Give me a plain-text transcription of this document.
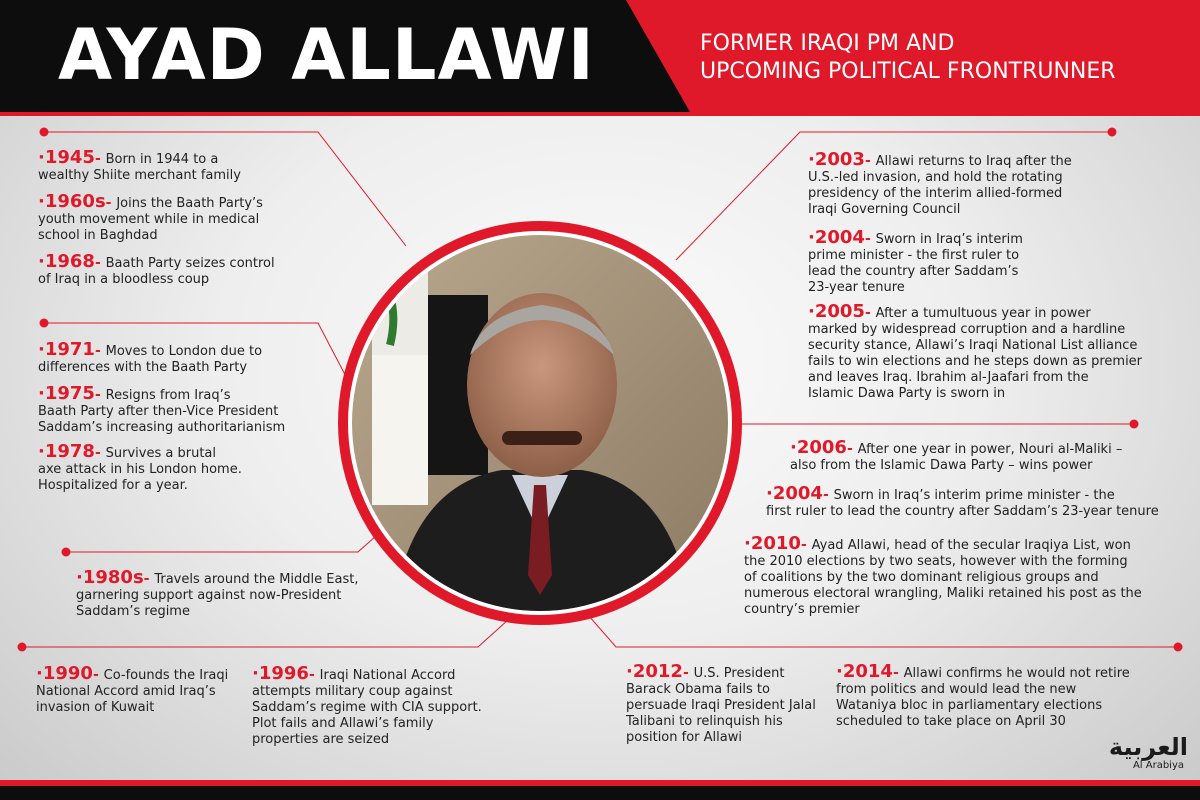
AYAD ALLAWI	FORMER IRAQI PM AND
UPCOMING POLITICAL FRONTRUNNER

·1945- Born in 1944 to a
wealthy Shiite merchant family

·1960s- Joins the Baath Party’s
youth movement while in medical
school in Baghdad

·1968- Baath Party seizes control
of Iraq in a bloodless coup

·1971- Moves to London due to
differences with the Baath Party

·1975- Resigns from Iraq’s
Baath Party after then-Vice President
Saddam’s increasing authoritarianism

·1978- Survives a brutal
axe attack in his London home.
Hospitalized for a year.

·1980s- Travels around the Middle East,
garnering support against now-President
Saddam’s regime

·1990- Co-founds the Iraqi
National Accord amid Iraq’s
invasion of Kuwait

·1996- Iraqi National Accord
attempts military coup against
Saddam’s regime with CIA support.
Plot fails and Allawi’s family
properties are seized

·2003- Allawi returns to Iraq after the
U.S.-led invasion, and hold the rotating
presidency of the interim allied-formed
Iraqi Governing Council

·2004- Sworn in Iraq’s interim
prime minister - the first ruler to
lead the country after Saddam’s
23-year tenure

·2005- After a tumultuous year in power
marked by widespread corruption and a hardline
security stance, Allawi’s Iraqi National List alliance
fails to win elections and he steps down as premier
and leaves Iraq. Ibrahim al-Jaafari from the
Islamic Dawa Party is sworn in

·2006- After one year in power, Nouri al-Maliki –
also from the Islamic Dawa Party – wins power

·2004- Sworn in Iraq’s interim prime minister - the
first ruler to lead the country after Saddam’s 23-year tenure

·2010- Ayad Allawi, head of the secular Iraqiya List, won
the 2010 elections by two seats, however with the forming
of coalitions by the two dominant religious groups and
numerous electoral wrangling, Maliki retained his post as the
country’s premier

·2012- U.S. President
Barack Obama fails to
persuade Iraqi President Jalal
Talibani to relinquish his
position for Allawi

·2014- Allawi confirms he would not retire
from politics and would lead the new
Wataniya bloc in parliamentary elections
scheduled to take place on April 30

العربية
Al Arabiya
